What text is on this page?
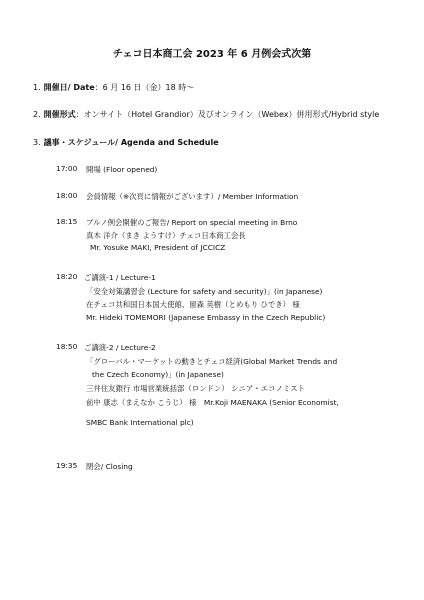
チェコ日本商工会 2023 年 6 月例会式次第
1. 開催日/ Date：6 月 16 日（金）18 時～
2. 開催形式：オンサイト（Hotel Grandior）及びオンライン（Webex）併用形式/Hybrid style
3. 議事・スケジュール/ Agenda and Schedule
17:00 開場 (Floor opened)
18:00 会員情報（※次頁に情報がございます）/ Member Information
18:15 ブルノ例会開催のご報告/ Report on special meeting in Brno
真木 洋介（まき ようすけ）チェコ日本商工会長
Mr. Yosuke MAKI, President of JCCICZ
18:20 ご講演-1 / Lecture-1
「安全対策講習会 (Lecture for safety and security)」(in Japanese)
在チェコ共和国日本国大使館、留森 英樹（とめもり ひでき） 様
Mr. Hideki TOMEMORI (Japanese Embassy in the Czech Republic)
18:50 ご講演-2 / Lecture-2
「グローバル・マーケットの動きとチェコ経済(Global Market Trends and
the Czech Economy)」(in Japanese)
三井住友銀行 市場営業統括部（ロンドン） シニア・エコノミスト
前中 康志（まえなか こうじ） 様　Mr.Koji MAENAKA (Senior Economist,
SMBC Bank International plc)
19:35 閉会/ Closing
